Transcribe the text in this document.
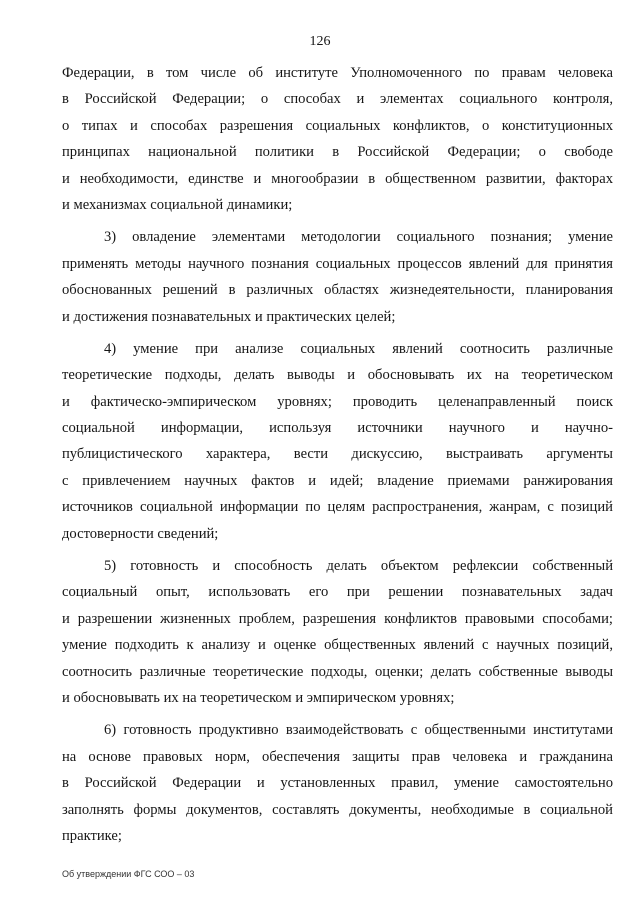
126
Федерации, в том числе об институте Уполномоченного по правам человека
в Российской Федерации; о способах и элементах социального контроля,
о типах и способах разрешения социальных конфликтов, о конституционных
принципах национальной политики в Российской Федерации; о свободе
и необходимости, единстве и многообразии в общественном развитии, факторах
и механизмах социальной динамики;
3) овладение элементами методологии социального познания; умение
применять методы научного познания социальных процессов явлений для принятия
обоснованных решений в различных областях жизнедеятельности, планирования
и достижения познавательных и практических целей;
4) умение при анализе социальных явлений соотносить различные
теоретические подходы, делать выводы и обосновывать их на теоретическом
и фактическо-эмпирическом уровнях; проводить целенаправленный поиск
социальной информации, используя источники научного и научно-
публицистического характера, вести дискуссию, выстраивать аргументы
с привлечением научных фактов и идей; владение приемами ранжирования
источников социальной информации по целям распространения, жанрам, с позиций
достоверности сведений;
5) готовность и способность делать объектом рефлексии собственный
социальный опыт, использовать его при решении познавательных задач
и разрешении жизненных проблем, разрешения конфликтов правовыми способами;
умение подходить к анализу и оценке общественных явлений с научных позиций,
соотносить различные теоретические подходы, оценки; делать собственные выводы
и обосновывать их на теоретическом и эмпирическом уровнях;
6) готовность продуктивно взаимодействовать с общественными институтами
на основе правовых норм, обеспечения защиты прав человека и гражданина
в Российской Федерации и установленных правил, умение самостоятельно
заполнять формы документов, составлять документы, необходимые в социальной
практике;
Об утверждении ФГС СОО – 03
